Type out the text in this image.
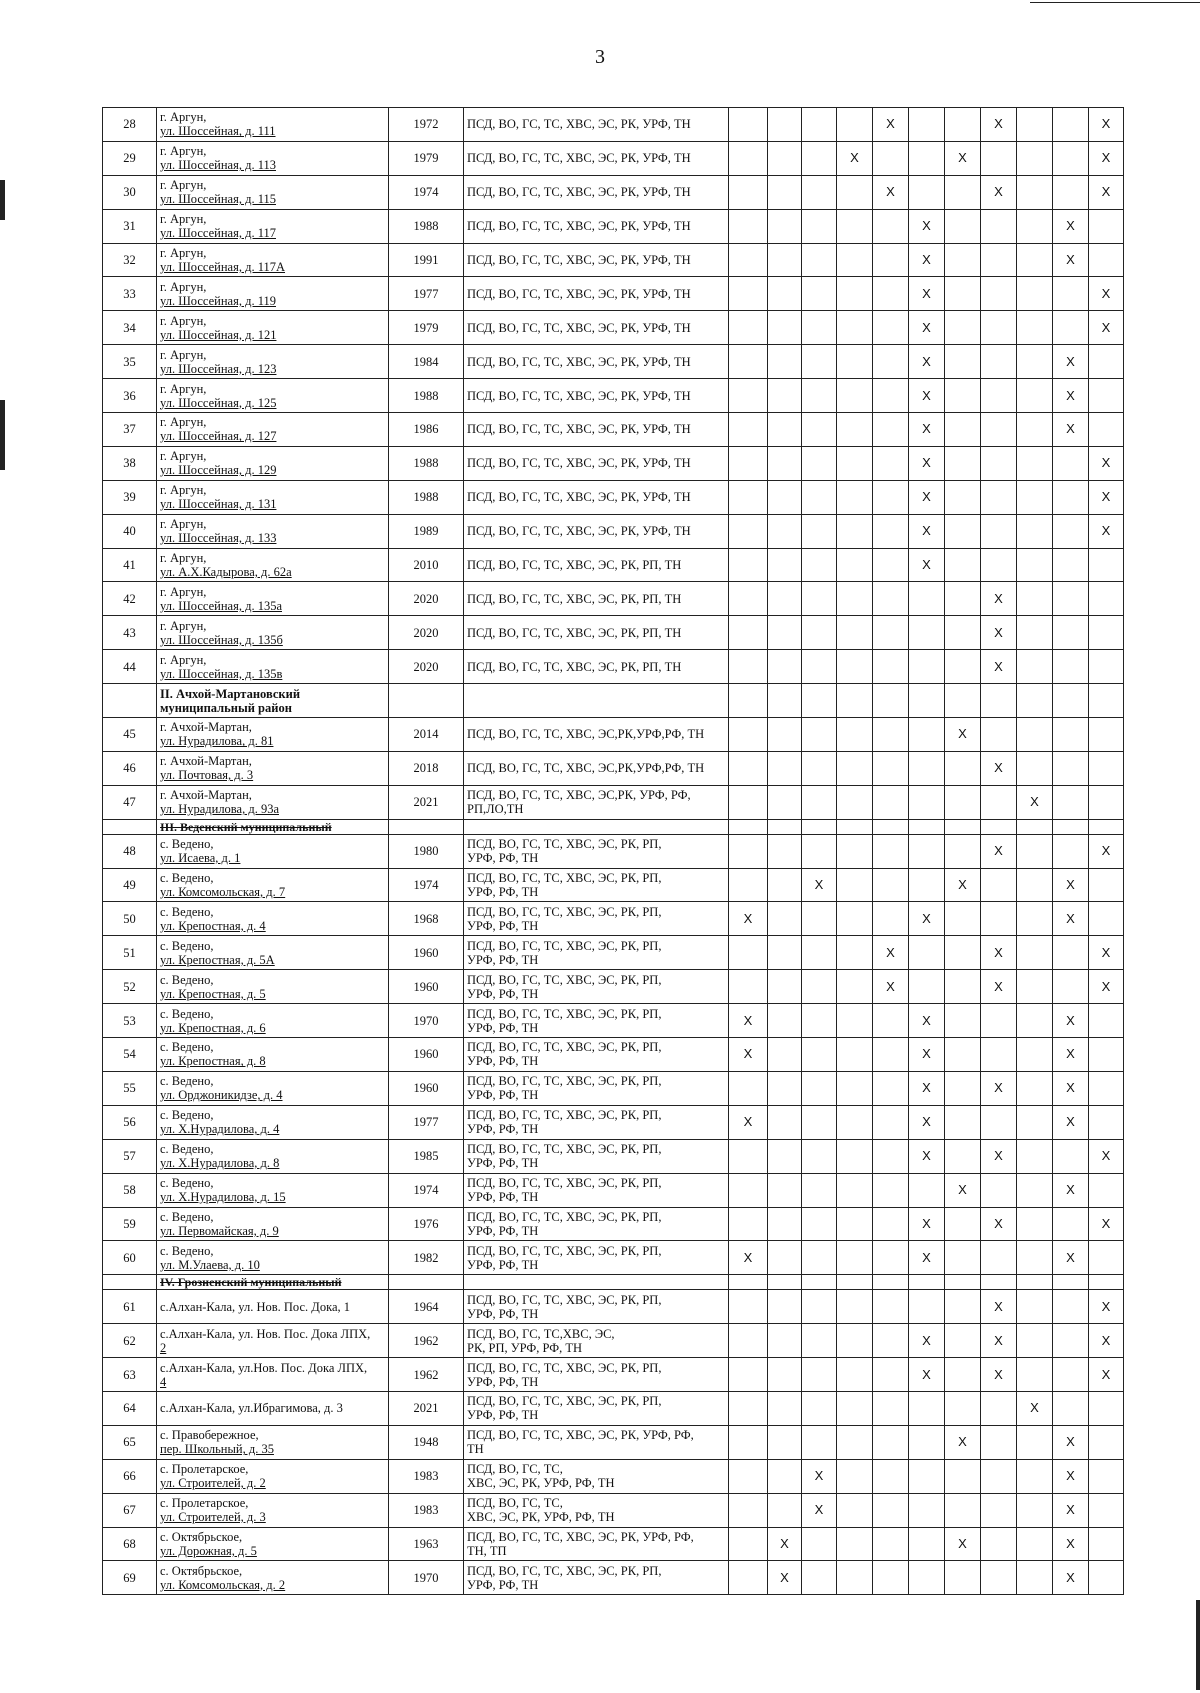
3
28	г. Аргун,
ул. Шоссейная, д. 111	1972	ПСД, ВО, ГС, ТС, ХВС, ЭС, РК, УРФ, ТН					X			X			X
29	г. Аргун,
ул. Шоссейная, д. 113	1979	ПСД, ВО, ГС, ТС, ХВС, ЭС, РК, УРФ, ТН				X			X				X
30	г. Аргун,
ул. Шоссейная, д. 115	1974	ПСД, ВО, ГС, ТС, ХВС, ЭС, РК, УРФ, ТН					X			X			X
31	г. Аргун,
ул. Шоссейная, д. 117	1988	ПСД, ВО, ГС, ТС, ХВС, ЭС, РК, УРФ, ТН						X				X	
32	г. Аргун,
ул. Шоссейная, д. 117А	1991	ПСД, ВО, ГС, ТС, ХВС, ЭС, РК, УРФ, ТН						X				X	
33	г. Аргун,
ул. Шоссейная, д. 119	1977	ПСД, ВО, ГС, ТС, ХВС, ЭС, РК, УРФ, ТН						X					X
34	г. Аргун,
ул. Шоссейная, д. 121	1979	ПСД, ВО, ГС, ТС, ХВС, ЭС, РК, УРФ, ТН						X					X
35	г. Аргун,
ул. Шоссейная, д. 123	1984	ПСД, ВО, ГС, ТС, ХВС, ЭС, РК, УРФ, ТН						X				X	
36	г. Аргун,
ул. Шоссейная, д. 125	1988	ПСД, ВО, ГС, ТС, ХВС, ЭС, РК, УРФ, ТН						X				X	
37	г. Аргун,
ул. Шоссейная, д. 127	1986	ПСД, ВО, ГС, ТС, ХВС, ЭС, РК, УРФ, ТН						X				X	
38	г. Аргун,
ул. Шоссейная, д. 129	1988	ПСД, ВО, ГС, ТС, ХВС, ЭС, РК, УРФ, ТН						X					X
39	г. Аргун,
ул. Шоссейная, д. 131	1988	ПСД, ВО, ГС, ТС, ХВС, ЭС, РК, УРФ, ТН						X					X
40	г. Аргун,
ул. Шоссейная, д. 133	1989	ПСД, ВО, ГС, ТС, ХВС, ЭС, РК, УРФ, ТН						X					X
41	г. Аргун,
ул. А.Х.Кадырова, д. 62а	2010	ПСД, ВО, ГС, ТС, ХВС, ЭС, РК, РП, ТН						X					
42	г. Аргун,
ул. Шоссейная, д. 135а	2020	ПСД, ВО, ГС, ТС, ХВС, ЭС, РК, РП, ТН								X			
43	г. Аргун,
ул. Шоссейная, д. 135б	2020	ПСД, ВО, ГС, ТС, ХВС, ЭС, РК, РП, ТН								X			
44	г. Аргун,
ул. Шоссейная, д. 135в	2020	ПСД, ВО, ГС, ТС, ХВС, ЭС, РК, РП, ТН								X			

	II. Ачхой-Мартановский
муниципальный район													

45	г. Ачхой-Мартан,
ул. Нурадилова, д. 81	2014	ПСД, ВО, ГС, ТС, ХВС, ЭС,РК,УРФ,РФ, ТН							X				
46	г. Ачхой-Мартан,
ул. Почтовая, д. 3	2018	ПСД, ВО, ГС, ТС, ХВС, ЭС,РК,УРФ,РФ, ТН								X			
47	г. Ачхой-Мартан,
ул. Нурадилова, д. 93а	2021	ПСД, ВО, ГС, ТС, ХВС, ЭС,РК, УРФ, РФ,
РП,ЛО,ТН									X		
	III. Веденский муниципальный													
48	с. Ведено,
ул. Исаева, д. 1	1980	ПСД, ВО, ГС, ТС, ХВС, ЭС, РК, РП,
УРФ, РФ, ТН								X			X
49	с. Ведено,
ул. Комсомольская, д. 7	1974	ПСД, ВО, ГС, ТС, ХВС, ЭС, РК, РП,
УРФ, РФ, ТН			X				X			X	
50	с. Ведено,
ул. Крепостная, д. 4	1968	ПСД, ВО, ГС, ТС, ХВС, ЭС, РК, РП,
УРФ, РФ, ТН	X					X				X	
51	с. Ведено,
ул. Крепостная, д. 5А	1960	ПСД, ВО, ГС, ТС, ХВС, ЭС, РК, РП,
УРФ, РФ, ТН					X			X			X
52	с. Ведено,
ул. Крепостная, д. 5	1960	ПСД, ВО, ГС, ТС, ХВС, ЭС, РК, РП,
УРФ, РФ, ТН					X			X			X
53	с. Ведено,
ул. Крепостная, д. 6	1970	ПСД, ВО, ГС, ТС, ХВС, ЭС, РК, РП,
УРФ, РФ, ТН	X					X				X	
54	с. Ведено,
ул. Крепостная, д. 8	1960	ПСД, ВО, ГС, ТС, ХВС, ЭС, РК, РП,
УРФ, РФ, ТН	X					X				X	
55	с. Ведено,
ул. Орджоникидзе, д. 4	1960	ПСД, ВО, ГС, ТС, ХВС, ЭС, РК, РП,
УРФ, РФ, ТН						X		X		X	
56	с. Ведено,
ул. Х.Нурадилова, д. 4	1977	ПСД, ВО, ГС, ТС, ХВС, ЭС, РК, РП,
УРФ, РФ, ТН	X					X				X	
57	с. Ведено,
ул. Х.Нурадилова, д. 8	1985	ПСД, ВО, ГС, ТС, ХВС, ЭС, РК, РП,
УРФ, РФ, ТН						X		X			X
58	с. Ведено,
ул. Х.Нурадилова, д. 15	1974	ПСД, ВО, ГС, ТС, ХВС, ЭС, РК, РП,
УРФ, РФ, ТН							X			X	
59	с. Ведено,
ул. Первомайская, д. 9	1976	ПСД, ВО, ГС, ТС, ХВС, ЭС, РК, РП,
УРФ, РФ, ТН						X		X			X
60	с. Ведено,
ул. М.Улаева, д. 10	1982	ПСД, ВО, ГС, ТС, ХВС, ЭС, РК, РП,
УРФ, РФ, ТН	X					X				X	
	IV. Грозненский муниципальный													
61	с.Алхан-Кала, ул. Нов. Пос. Дока, 1	1964	ПСД, ВО, ГС, ТС, ХВС, ЭС, РК, РП,
УРФ, РФ, ТН								X			X
62	с.Алхан-Кала, ул. Нов. Пос. Дока ЛПХ,
2	1962	ПСД, ВО, ГС, ТС,ХВС, ЭС,
РК, РП, УРФ, РФ, ТН						X		X			X
63	с.Алхан-Кала, ул.Нов. Пос. Дока ЛПХ,
4	1962	ПСД, ВО, ГС, ТС, ХВС, ЭС, РК, РП,
УРФ, РФ, ТН						X		X			X
64	с.Алхан-Кала, ул.Ибрагимова, д. 3	2021	ПСД, ВО, ГС, ТС, ХВС, ЭС, РК, РП,
УРФ, РФ, ТН									X		
65	с. Правобережное,
пер. Школьный, д. 35	1948	ПСД, ВО, ГС, ТС, ХВС, ЭС, РК, УРФ, РФ,
ТН							X			X	
66	с. Пролетарское,
ул. Строителей, д. 2	1983	ПСД, ВО, ГС, ТС,
ХВС, ЭС, РК, УРФ, РФ, ТН			X							X	
67	с. Пролетарское,
ул. Строителей, д. 3	1983	ПСД, ВО, ГС, ТС,
ХВС, ЭС, РК, УРФ, РФ, ТН			X							X	
68	с. Октябрьское,
ул. Дорожная, д. 5	1963	ПСД, ВО, ГС, ТС, ХВС, ЭС, РК, УРФ, РФ,
ТН, ТП		X					X			X	
69	с. Октябрьское,
ул. Комсомольская, д. 2	1970	ПСД, ВО, ГС, ТС, ХВС, ЭС, РК, РП,
УРФ, РФ, ТН		X								X	
